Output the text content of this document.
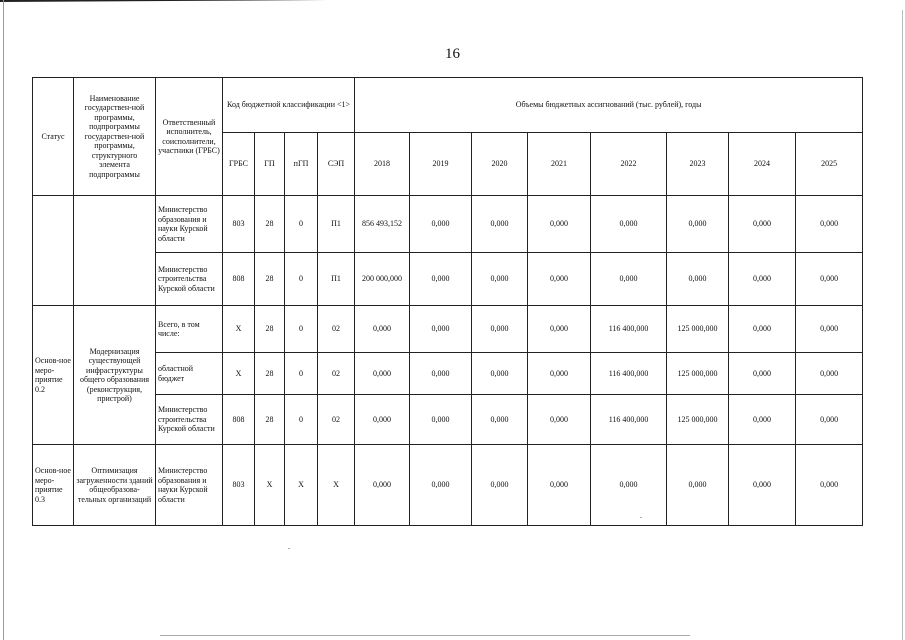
16
Статус	Наименование государствен-ной программы, подпрограммы государствен-ной программы, структурного элемента подпрограммы	Ответственный исполнитель, соисполнители, участники (ГРБС)	Код бюджетной классификации <1>				Объемы бюджетных ассигнований (тыс. рублей), годы							
			ГРБС	ГП	пГП	СЭП	2018	2019	2020	2021	2022	2023	2024	2025
		Министерство образования и науки Курской области	803	28	0	П1	856 493,152	0,000	0,000	0,000	0,000	0,000	0,000	0,000
		Министерство строительства Курской области	808	28	0	П1	200 000,000	0,000	0,000	0,000	0,000	0,000	0,000	0,000
Основ-ное меро-приятие 0.2	Модернизация существующей инфраструктуры общего образования (реконструкция, пристрой)	Всего, в том числе:	Х	28	0	02	0,000	0,000	0,000	0,000	116 400,000	125 000,000	0,000	0,000
		областной бюджет	Х	28	0	02	0,000	0,000	0,000	0,000	116 400,000	125 000,000	0,000	0,000
		Министерство строительства Курской области	808	28	0	02	0,000	0,000	0,000	0,000	116 400,000	125 000,000	0,000	0,000
Основ-ное меро-приятие 0.3	Оптимизация загруженности зданий общеобразова-тельных организаций	Министерство образования и науки Курской области	803	Х	Х	Х	0,000	0,000	0,000	0,000	0,000	0,000	0,000	0,000
